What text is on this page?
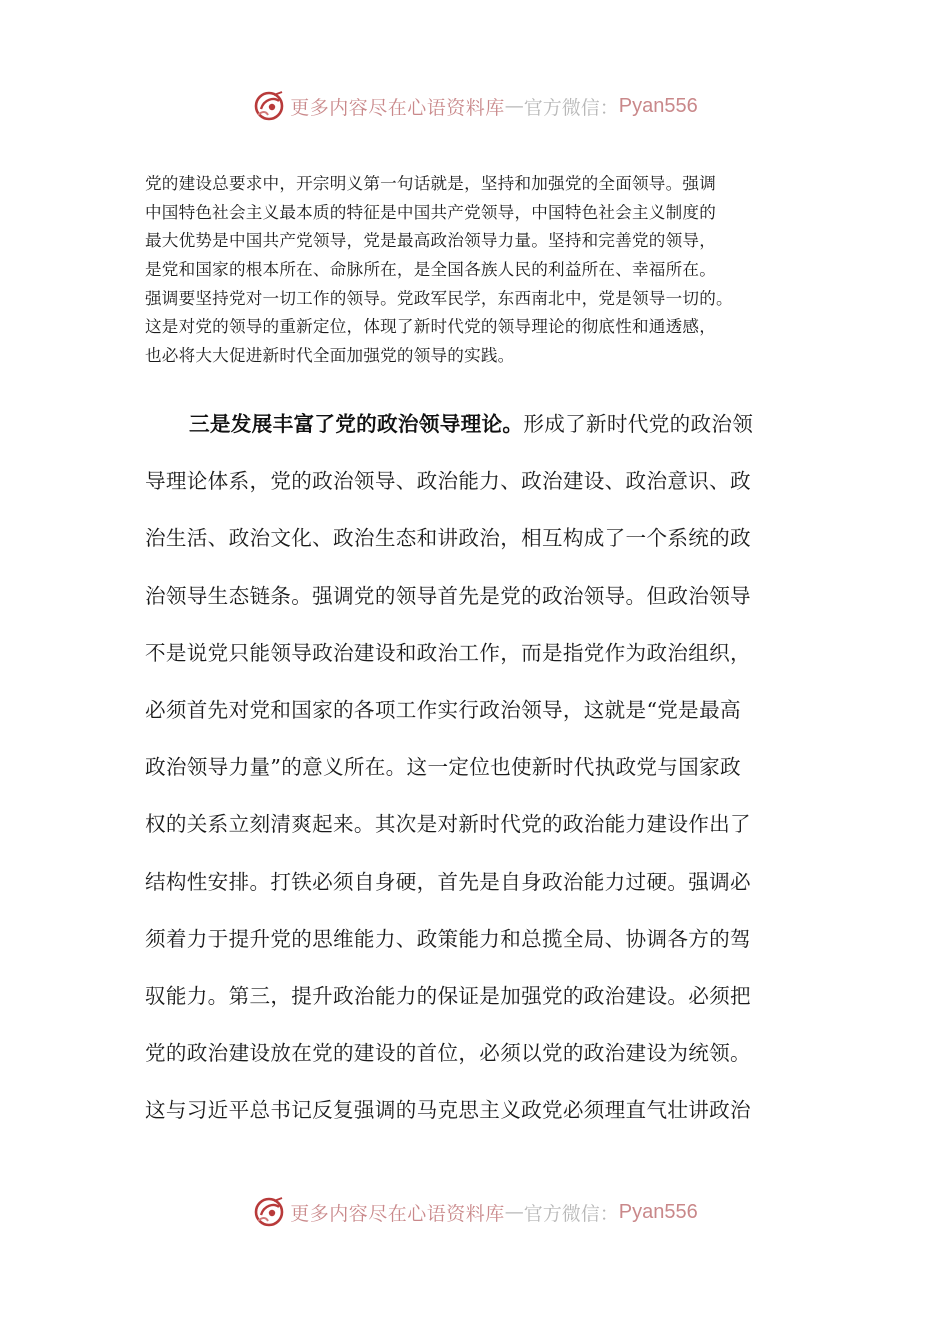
更多内容尽在心语资料库 — 官方微信： Pyan556
党的建设总要求中，开宗明义第一句话就是，坚持和加强党的全面领导。强调
中国特色社会主义最本质的特征是中国共产党领导，中国特色社会主义制度的
最大优势是中国共产党领导，党是最高政治领导力量。坚持和完善党的领导，
是党和国家的根本所在、命脉所在，是全国各族人民的利益所在、幸福所在。
强调要坚持党对一切工作的领导。党政军民学，东西南北中，党是领导一切的。
这是对党的领导的重新定位，体现了新时代党的领导理论的彻底性和通透感，
也必将大大促进新时代全面加强党的领导的实践。
三是发展丰富了党的政治领导理论。形成了新时代党的政治领
导理论体系，党的政治领导、政治能力、政治建设、政治意识、政
治生活、政治文化、政治生态和讲政治，相互构成了一个系统的政
治领导生态链条。强调党的领导首先是党的政治领导。但政治领导
不是说党只能领导政治建设和政治工作，而是指党作为政治组织，
必须首先对党和国家的各项工作实行政治领导，这就是“党是最高
政治领导力量”的意义所在。这一定位也使新时代执政党与国家政
权的关系立刻清爽起来。其次是对新时代党的政治能力建设作出了
结构性安排。打铁必须自身硬，首先是自身政治能力过硬。强调必
须着力于提升党的思维能力、政策能力和总揽全局、协调各方的驾
驭能力。第三，提升政治能力的保证是加强党的政治建设。必须把
党的政治建设放在党的建设的首位，必须以党的政治建设为统领。
这与习近平总书记反复强调的马克思主义政党必须理直气壮讲政治
更多内容尽在心语资料库 — 官方微信： Pyan556
